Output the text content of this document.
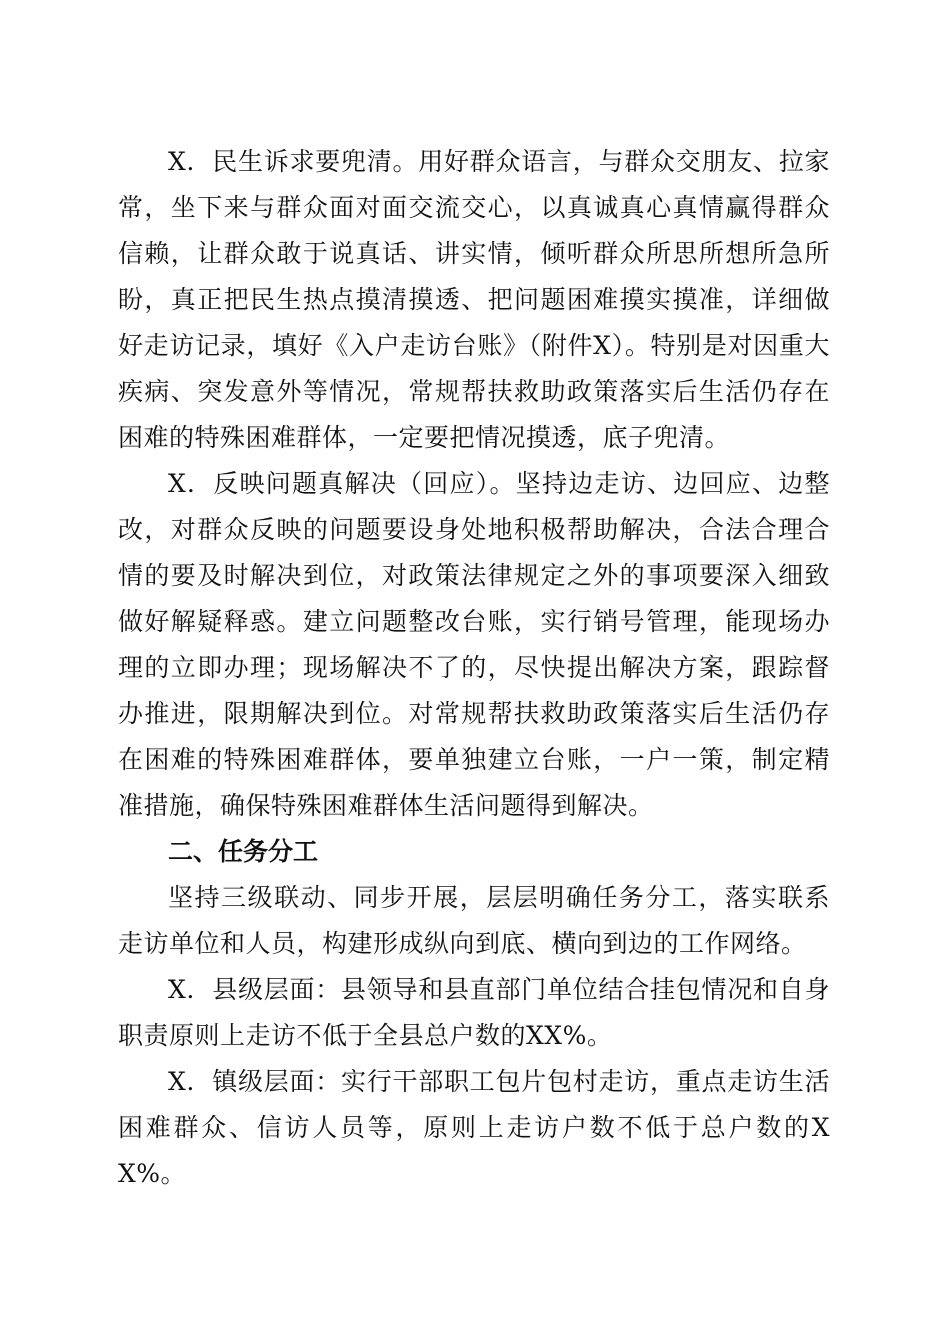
X．民生诉求要兜清。用好群众语言，与群众交朋友、拉家常，坐下来与群众面对面交流交心，以真诚真心真情赢得群众信赖，让群众敢于说真话、讲实情，倾听群众所思所想所急所盼，真正把民生热点摸清摸透、把问题困难摸实摸准，详细做好走访记录，填好《入户走访台账》（附件X）。特别是对因重大疾病、突发意外等情况，常规帮扶救助政策落实后生活仍存在困难的特殊困难群体，一定要把情况摸透，底子兜清。

X．反映问题真解决（回应）。坚持边走访、边回应、边整改，对群众反映的问题要设身处地积极帮助解决，合法合理合情的要及时解决到位，对政策法律规定之外的事项要深入细致做好解疑释惑。建立问题整改台账，实行销号管理，能现场办理的立即办理；现场解决不了的，尽快提出解决方案，跟踪督办推进，限期解决到位。对常规帮扶救助政策落实后生活仍存在困难的特殊困难群体，要单独建立台账，一户一策，制定精准措施，确保特殊困难群体生活问题得到解决。

二、任务分工

坚持三级联动、同步开展，层层明确任务分工，落实联系走访单位和人员，构建形成纵向到底、横向到边的工作网络。

X．县级层面：县领导和县直部门单位结合挂包情况和自身职责原则上走访不低于全县总户数的XX%。

X．镇级层面：实行干部职工包片包村走访，重点走访生活困难群众、信访人员等，原则上走访户数不低于总户数的XX%。
